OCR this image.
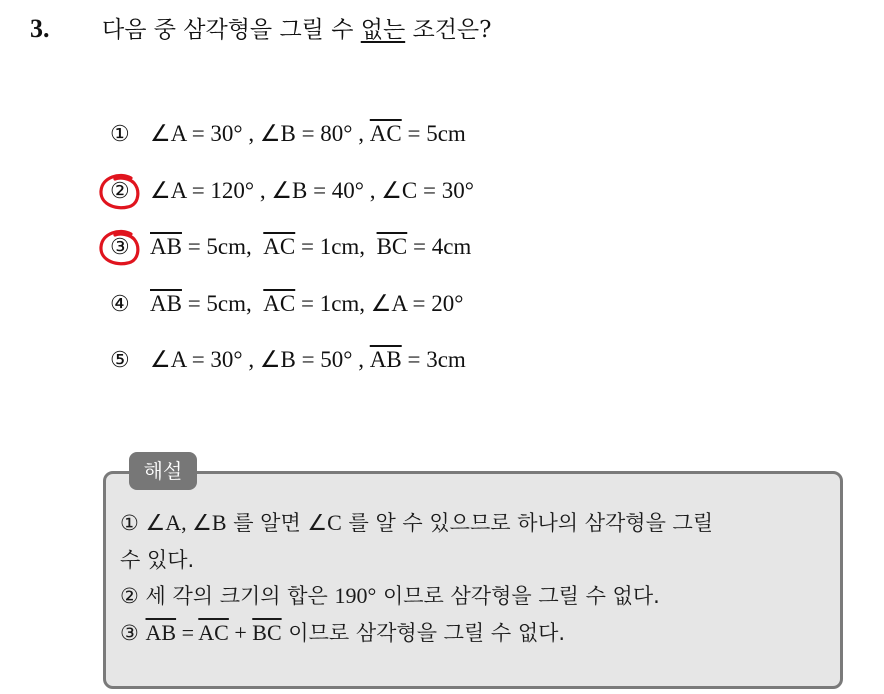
3. 다음 중 삼각형을 그릴 수 없는 조건은?
① ∠A = 30° , ∠B = 80° , $\overline{AC} = 5cm$
② ∠A = 120° , ∠B = 40° , ∠C = 30°
③ $\overline{AB} = 5cm$, $\overline{AC} = 1cm$, $\overline{BC} = 4cm$
④ $\overline{AB} = 5cm$, $\overline{AC} = 1cm$, ∠A = 20°
⑤ ∠A = 30° , ∠B = 50° , $\overline{AB} = 3cm$
해설
① ∠A, ∠B 를 알면 ∠C 를 알 수 있으므로 하나의 삼각형을 그릴
수 있다.
② 세 각의 크기의 합은 190° 이므로 삼각형을 그릴 수 없다.
③ $\overline{AB} = \overline{AC} + \overline{BC}$ 이므로 삼각형을 그릴 수 없다.
